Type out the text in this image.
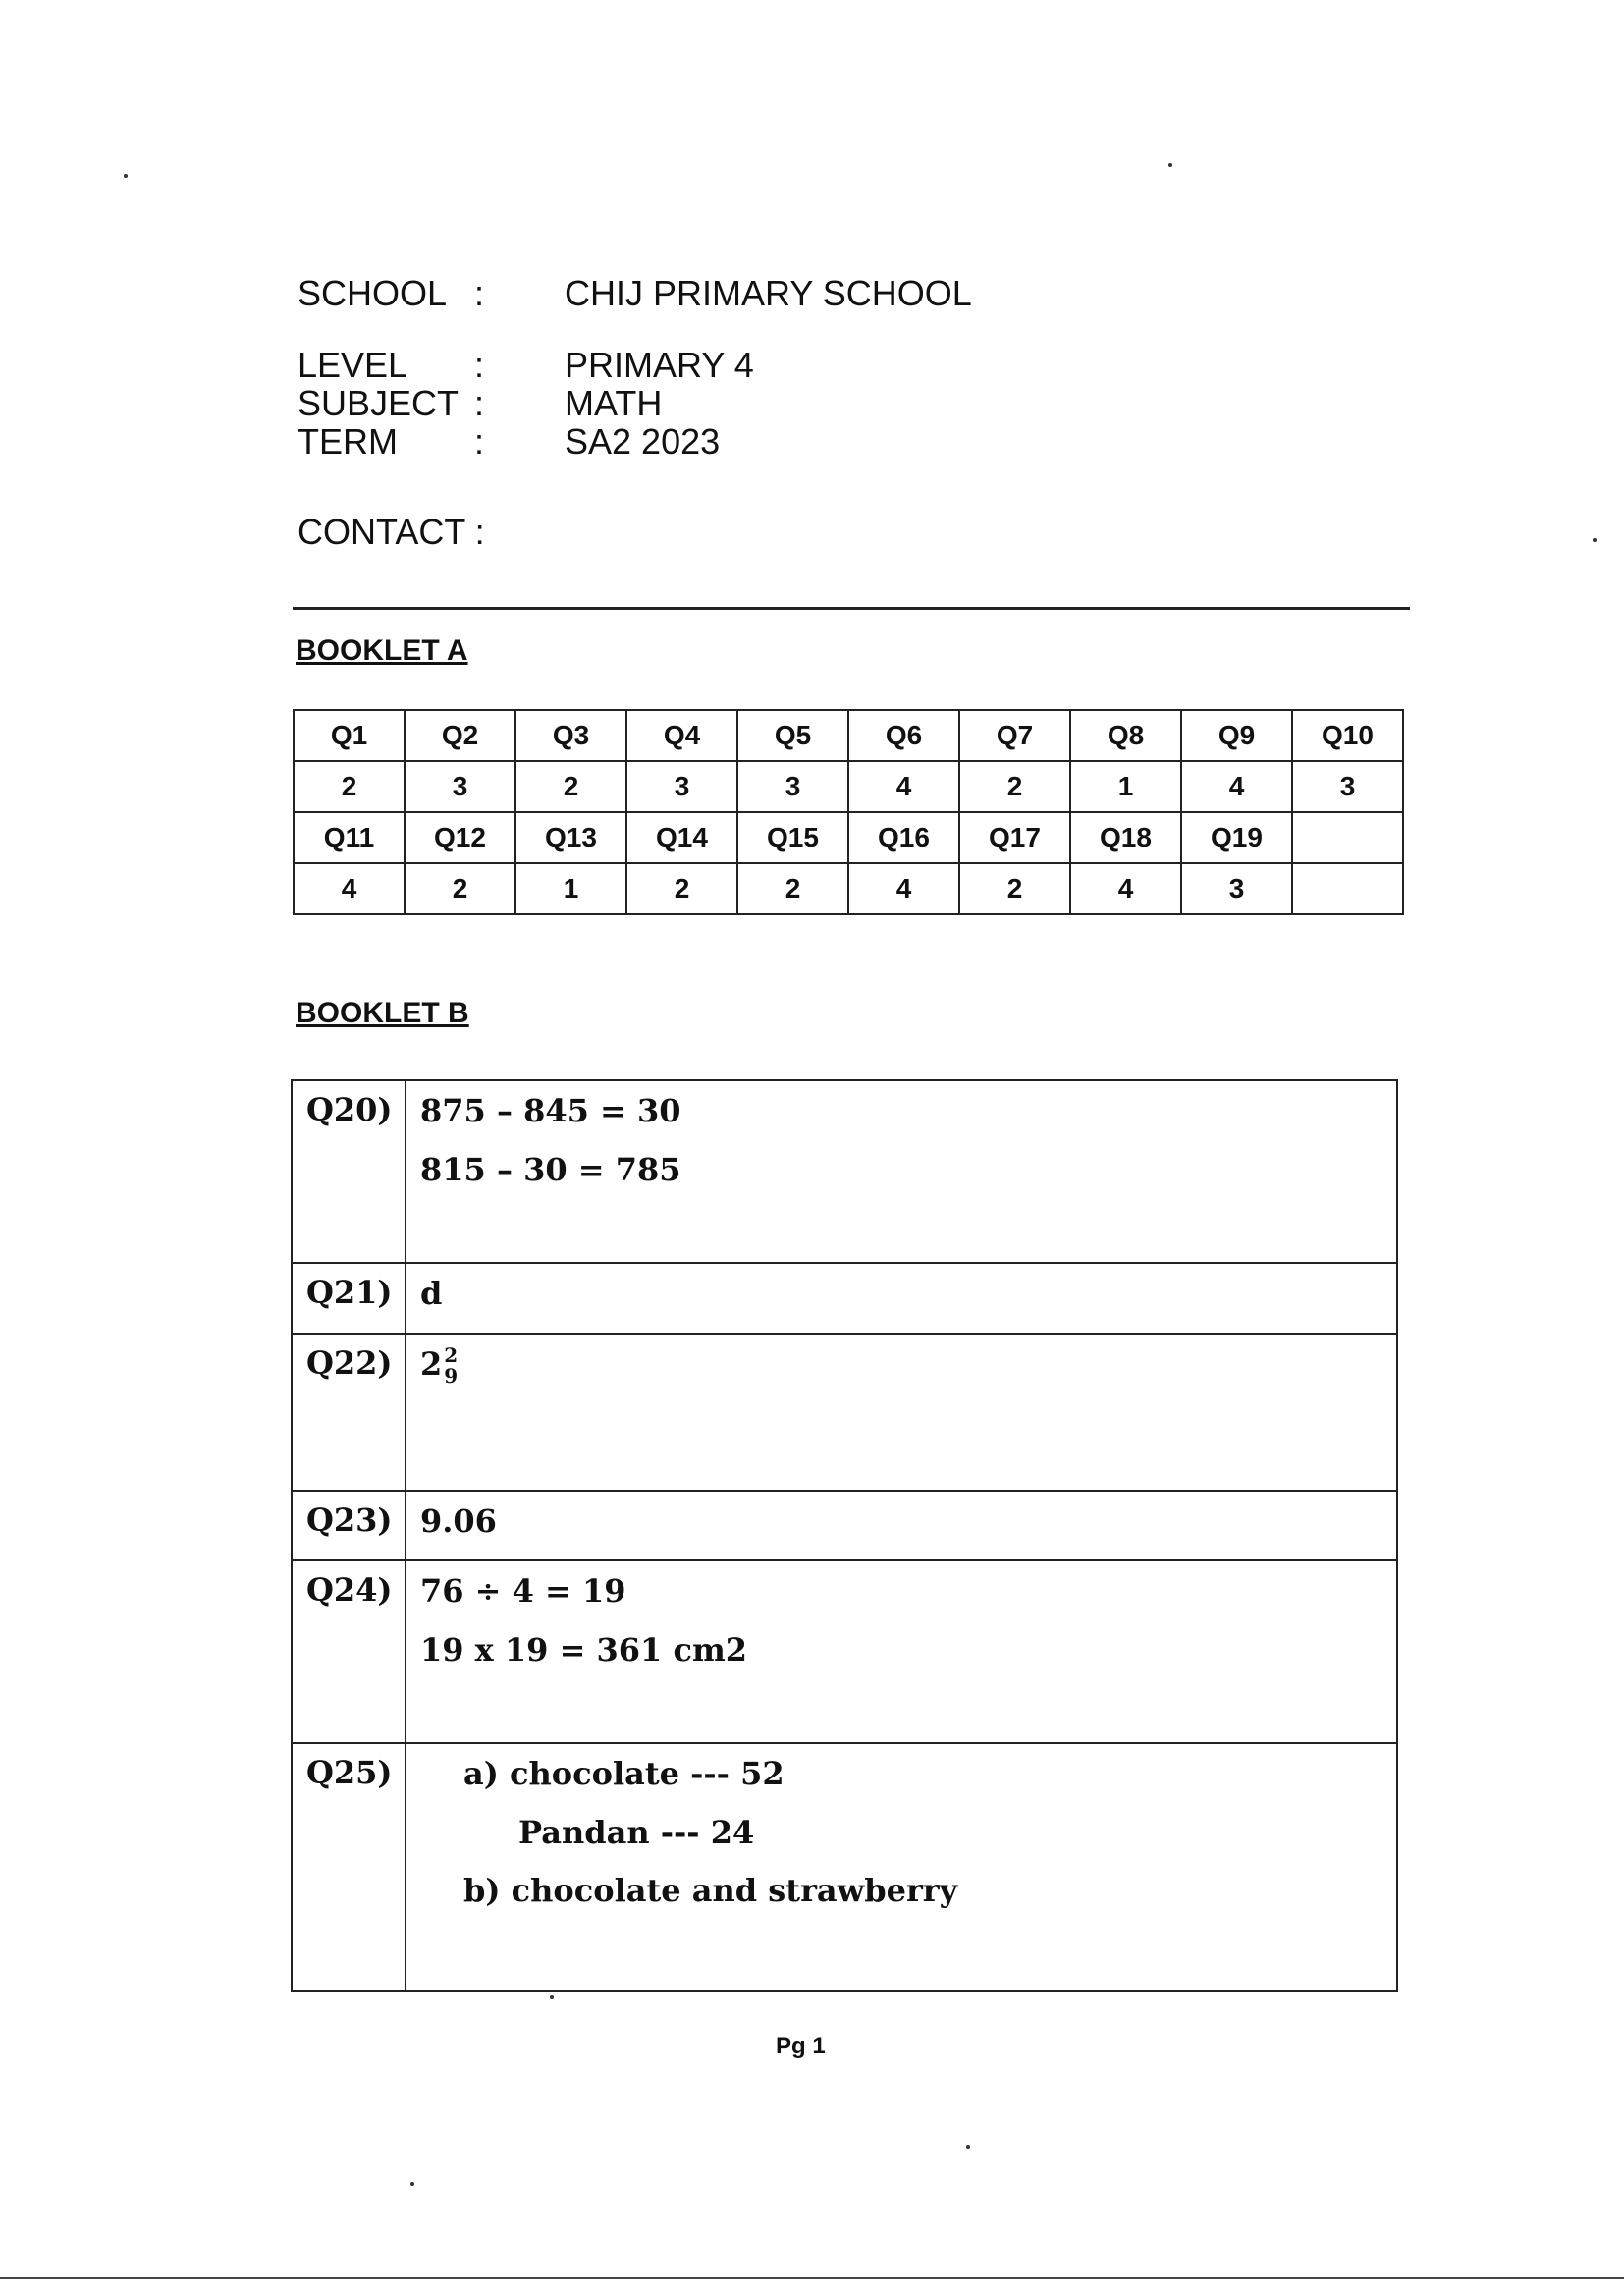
SCHOOL : CHIJ PRIMARY SCHOOL
LEVEL : PRIMARY 4
SUBJECT : MATH
TERM : SA2 2023
CONTACT :
BOOKLET A
Q1	Q2	Q3	Q4	Q5	Q6	Q7	Q8	Q9	Q10
2	3	2	3	3	4	2	1	4	3
Q11	Q12	Q13	Q14	Q15	Q16	Q17	Q18	Q19	
4	2	1	2	2	4	2	4	3	
BOOKLET B
Q20)	875 – 845 = 30
815 – 30 = 785

Q21)	d

Q22)	2 2
9

Q23)	9.06

Q24)	76 ÷ 4 = 19
19 x 19 = 361 cm2

Q25)	a) chocolate --- 52
Pandan --- 24
b) chocolate and strawberry
Pg 1
